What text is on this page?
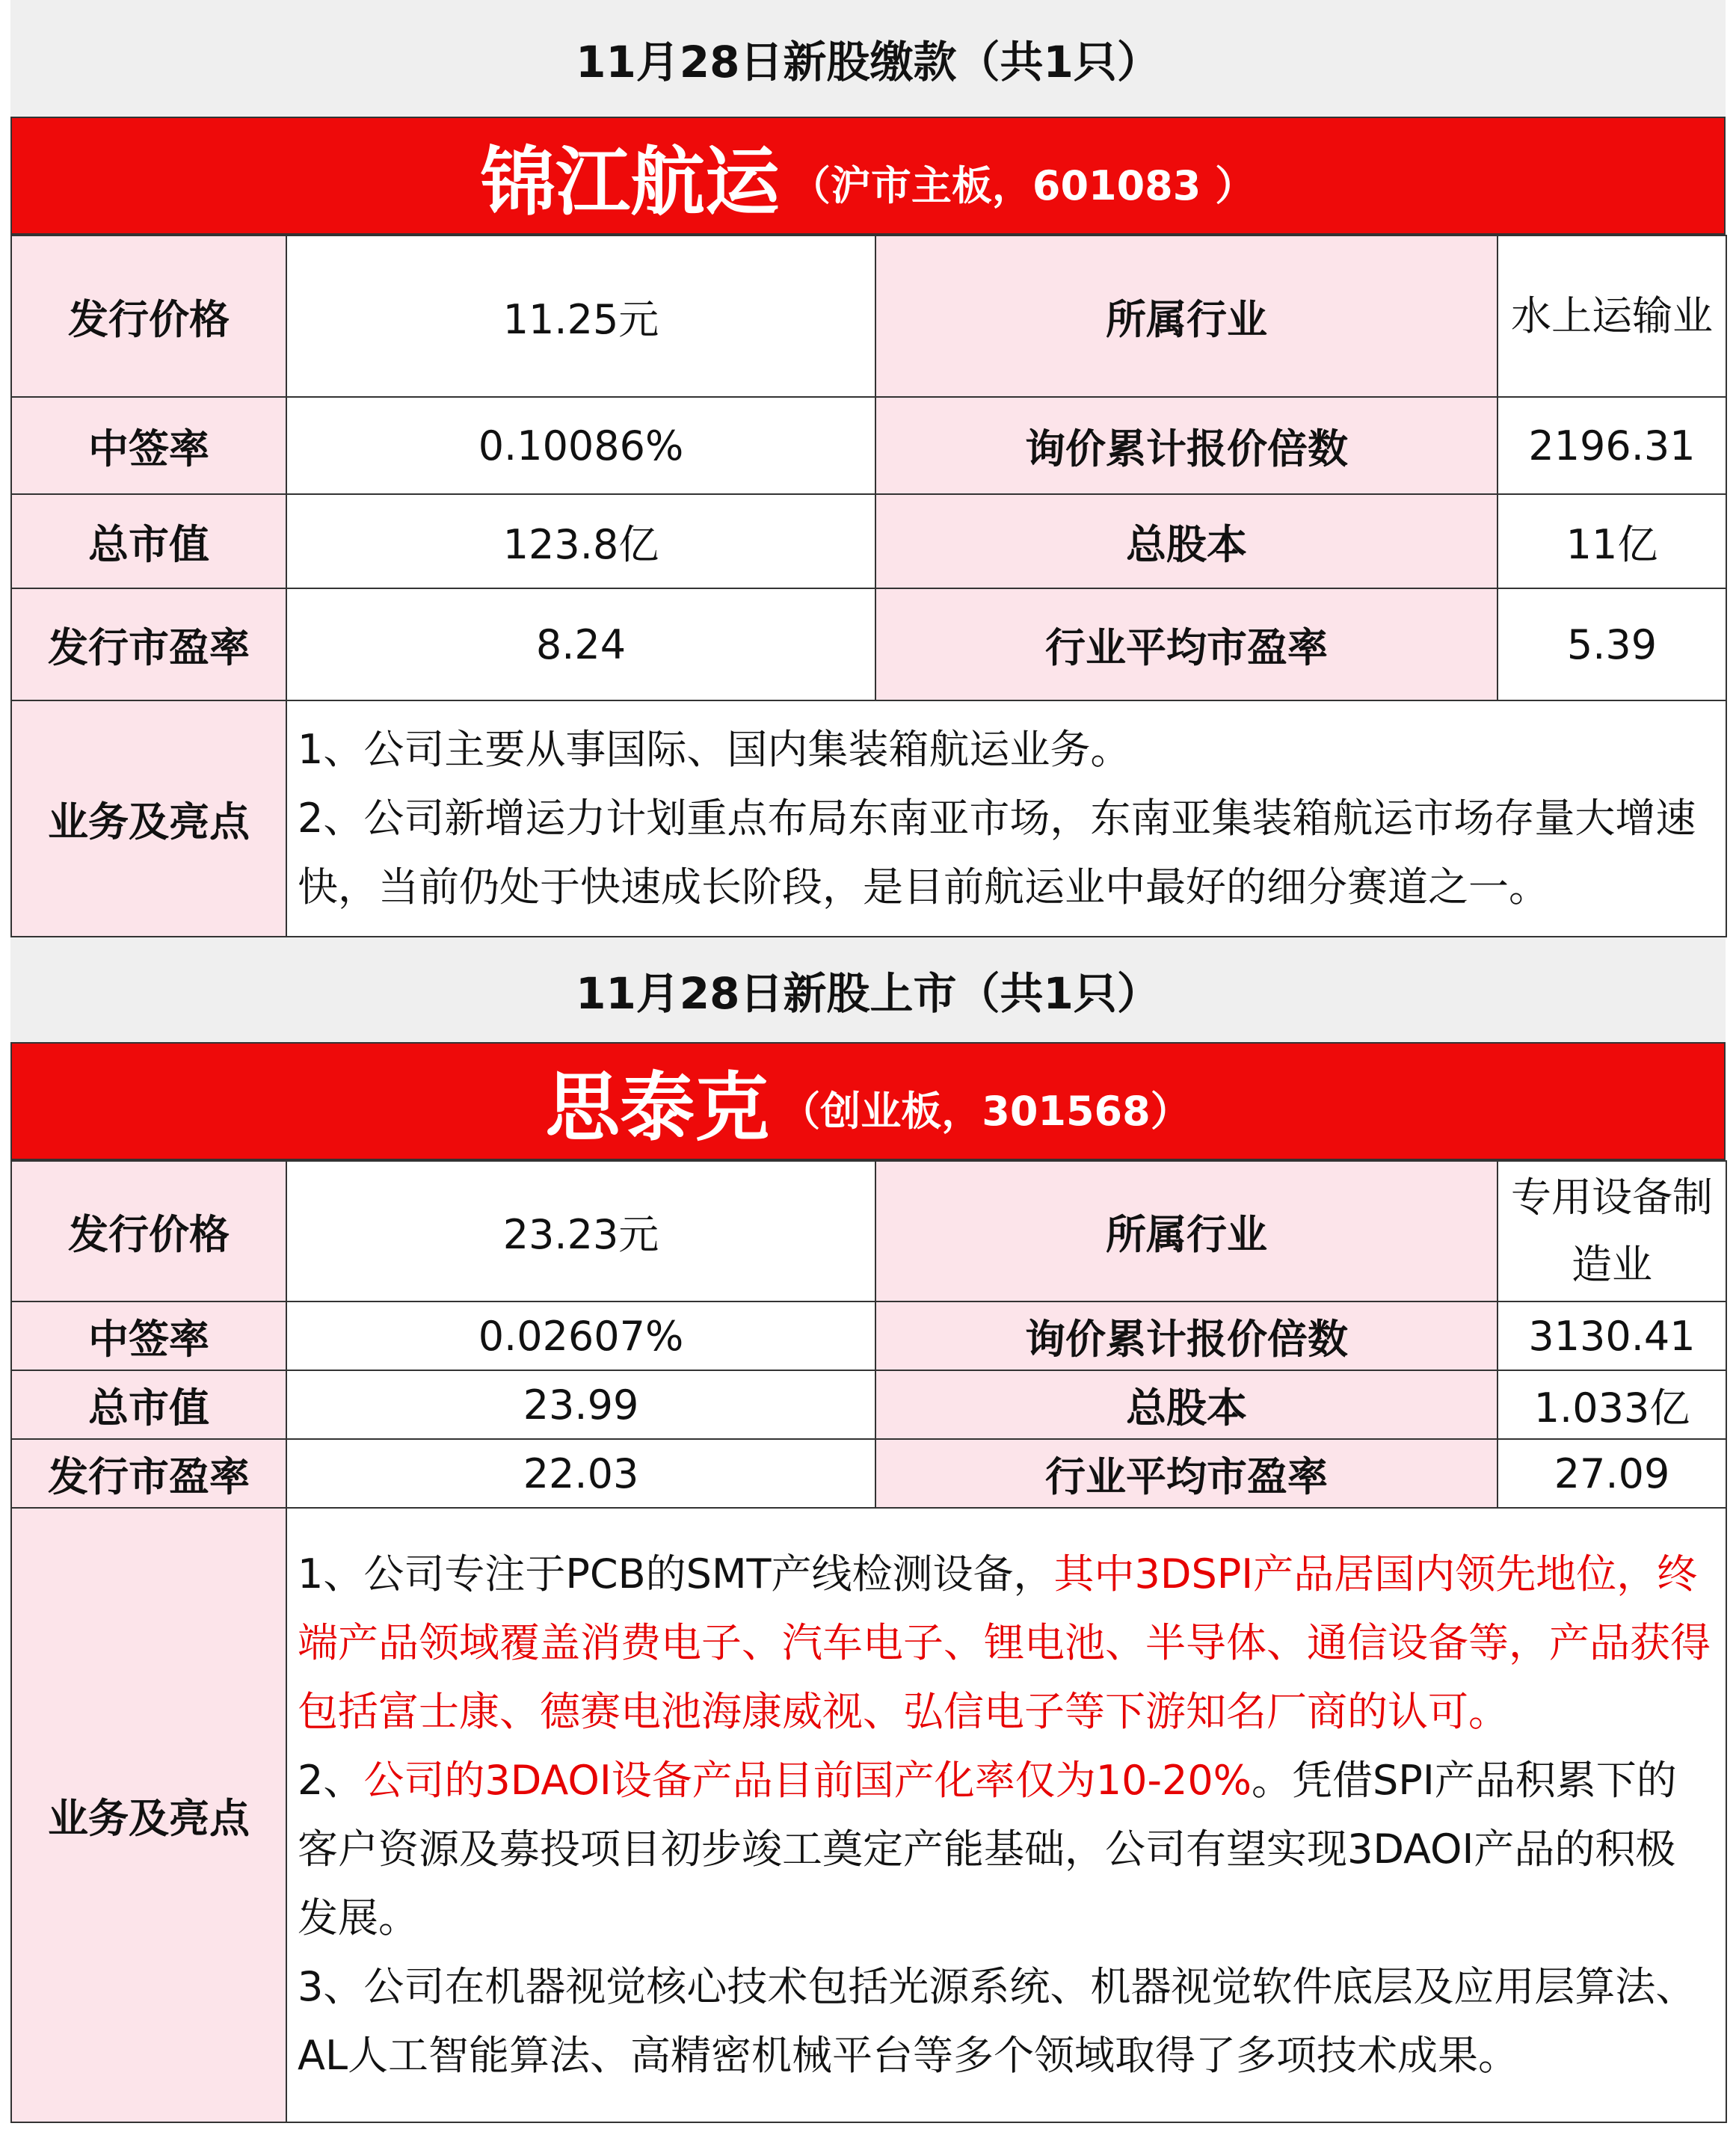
11月28日新股缴款（共1只）
锦江航运 （沪市主板，601083 ）
发行价格	11.25元	所属行业	水上运输业
中签率	0.10086%	询价累计报价倍数	2196.31
总市值	123.8亿	总股本	11亿
发行市盈率	8.24	行业平均市盈率	5.39
业务及亮点	1、公司主要从事国际、国内集装箱航运业务。
2、公司新增运力计划重点布局东南亚市场，东南亚集装箱航运市场存量大增速快，当前仍处于快速成长阶段，是目前航运业中最好的细分赛道之一。		
11月28日新股上市（共1只）
思泰克 （创业板，301568）
发行价格	23.23元	所属行业	专用设备制造业
中签率	0.02607%	询价累计报价倍数	3130.41
总市值	23.99	总股本	1.033亿
发行市盈率	22.03	行业平均市盈率	27.09
业务及亮点	1、公司专注于PCB的SMT产线检测设备，其中3DSPI产品居国内领先地位，终端产品领域覆盖消费电子、汽车电子、锂电池、半导体、通信设备等，产品获得包括富士康、德赛电池海康威视、弘信电子等下游知名厂商的认可。
2、公司的3DAOI设备产品目前国产化率仅为10-20%。凭借SPI产品积累下的客户资源及募投项目初步竣工奠定产能基础，公司有望实现3DAOI产品的积极发展。
3、公司在机器视觉核心技术包括光源系统、机器视觉软件底层及应用层算法、AL人工智能算法、高精密机械平台等多个领域取得了多项技术成果。		
